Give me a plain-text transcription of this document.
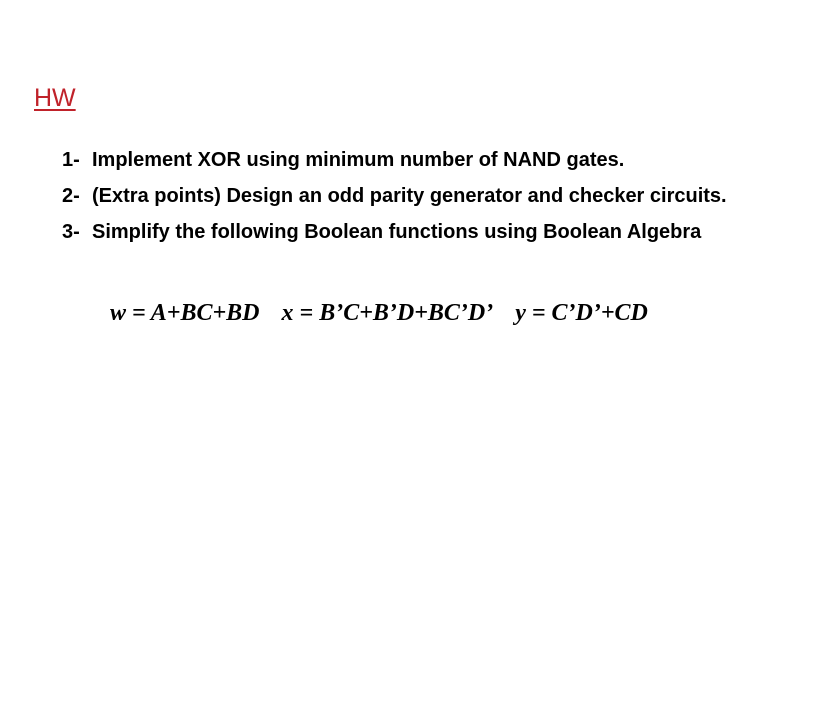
HW
1- Implement XOR using minimum number of NAND gates.
2- (Extra points) Design an odd parity generator and checker circuits.
3- Simplify the following Boolean functions using Boolean Algebra
w = A+BC+BD x = B’C+B’D+BC’D’ y = C’D’+CD
